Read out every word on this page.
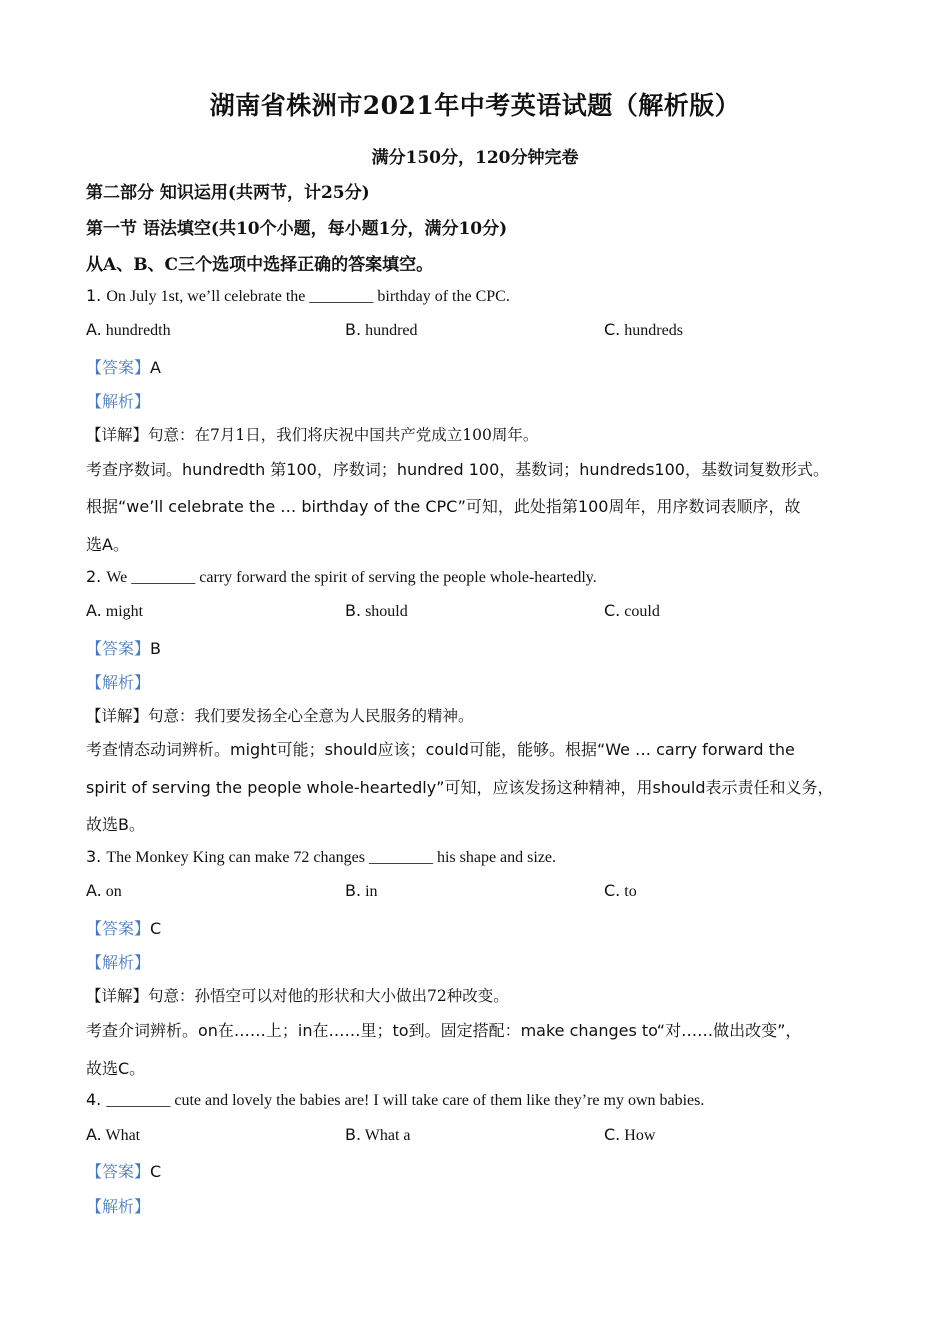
湖南省株洲市2021年中考英语试题（解析版）
满分150分，120分钟完卷
第二部分 知识运用(共两节，计25分)
第一节 语法填空(共10个小题，每小题1分，满分10分)
从A、B、C三个选项中选择正确的答案填空。
1. On July 1st, we’ll celebrate the ________ birthday of the CPC.
A. hundredth	B. hundred	C. hundreds
【答案】A
【解析】
【详解】句意：在7月1日，我们将庆祝中国共产党成立100周年。
考查序数词。hundredth 第100，序数词；hundred 100，基数词；hundreds100，基数词复数形式。
根据“we’ll celebrate the … birthday of the CPC”可知，此处指第100周年，用序数词表顺序，故
选A。
2. We ________ carry forward the spirit of serving the people whole-heartedly.
A. might	B. should	C. could
【答案】B
【解析】
【详解】句意：我们要发扬全心全意为人民服务的精神。
考查情态动词辨析。might可能；should应该；could可能，能够。根据“We … carry forward the
spirit of serving the people whole-heartedly”可知，应该发扬这种精神，用should表示责任和义务，
故选B。
3. The Monkey King can make 72 changes ________ his shape and size.
A. on	B. in	C. to
【答案】C
【解析】
【详解】句意：孙悟空可以对他的形状和大小做出72种改变。
考查介词辨析。on在……上；in在……里；to到。固定搭配：make changes to“对……做出改变”，
故选C。
4. ________ cute and lovely the babies are! I will take care of them like they’re my own babies.
A. What	B. What a	C. How
【答案】C
【解析】
